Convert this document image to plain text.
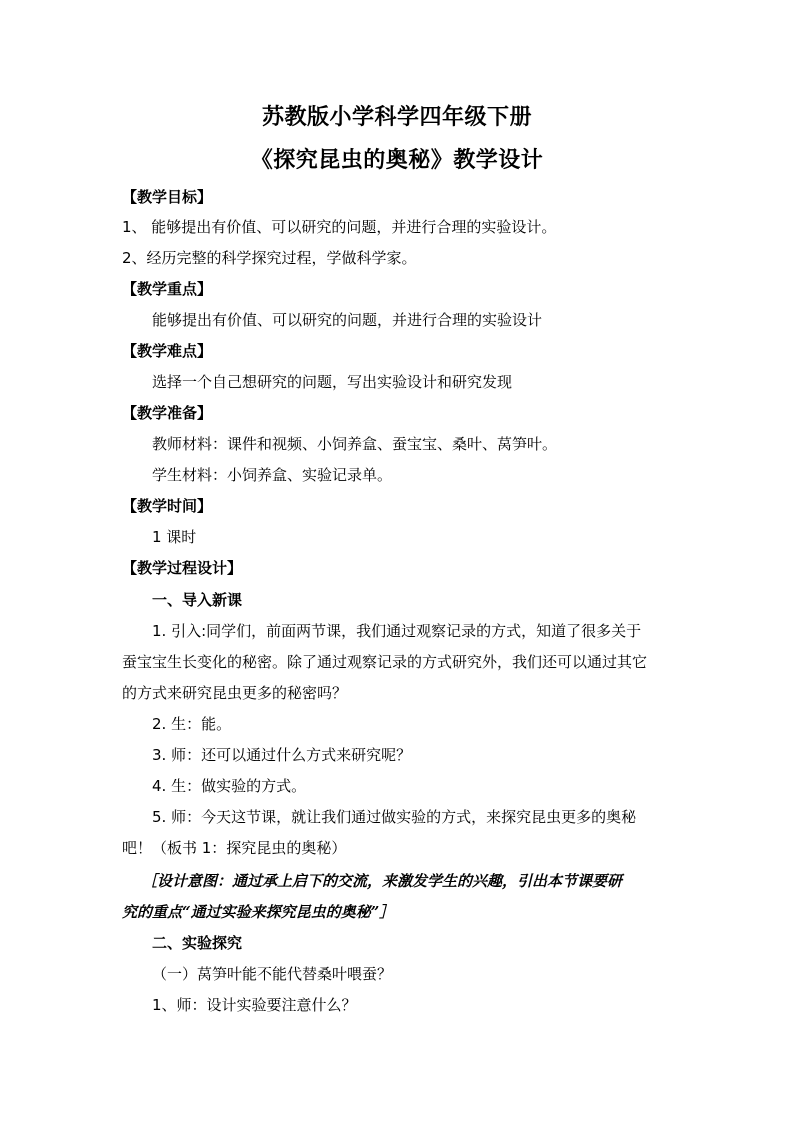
苏教版小学科学四年级下册
《探究昆虫的奥秘》教学设计
【教学目标】
1、 能够提出有价值、可以研究的问题，并进行合理的实验设计。
2、经历完整的科学探究过程，学做科学家。
【教学重点】
能够提出有价值、可以研究的问题，并进行合理的实验设计
【教学难点】
选择一个自己想研究的问题，写出实验设计和研究发现
【教学准备】
教师材料：课件和视频、小饲养盒、蚕宝宝、桑叶、莴笋叶。
学生材料：小饲养盒、实验记录单。
【教学时间】
1 课时
【教学过程设计】
一、导入新课
1. 引入:同学们，前面两节课，我们通过观察记录的方式，知道了很多关于
蚕宝宝生长变化的秘密。除了通过观察记录的方式研究外，我们还可以通过其它
的方式来研究昆虫更多的秘密吗？
2. 生：能。
3. 师：还可以通过什么方式来研究呢？
4. 生：做实验的方式。
5. 师：今天这节课，就让我们通过做实验的方式，来探究昆虫更多的奥秘
吧！（板书 1：探究昆虫的奥秘）
［设计意图：通过承上启下的交流，来激发学生的兴趣，引出本节课要研
究的重点“通过实验来探究昆虫的奥秘”］
二、实验探究
（一）莴笋叶能不能代替桑叶喂蚕？
1、师：设计实验要注意什么？
